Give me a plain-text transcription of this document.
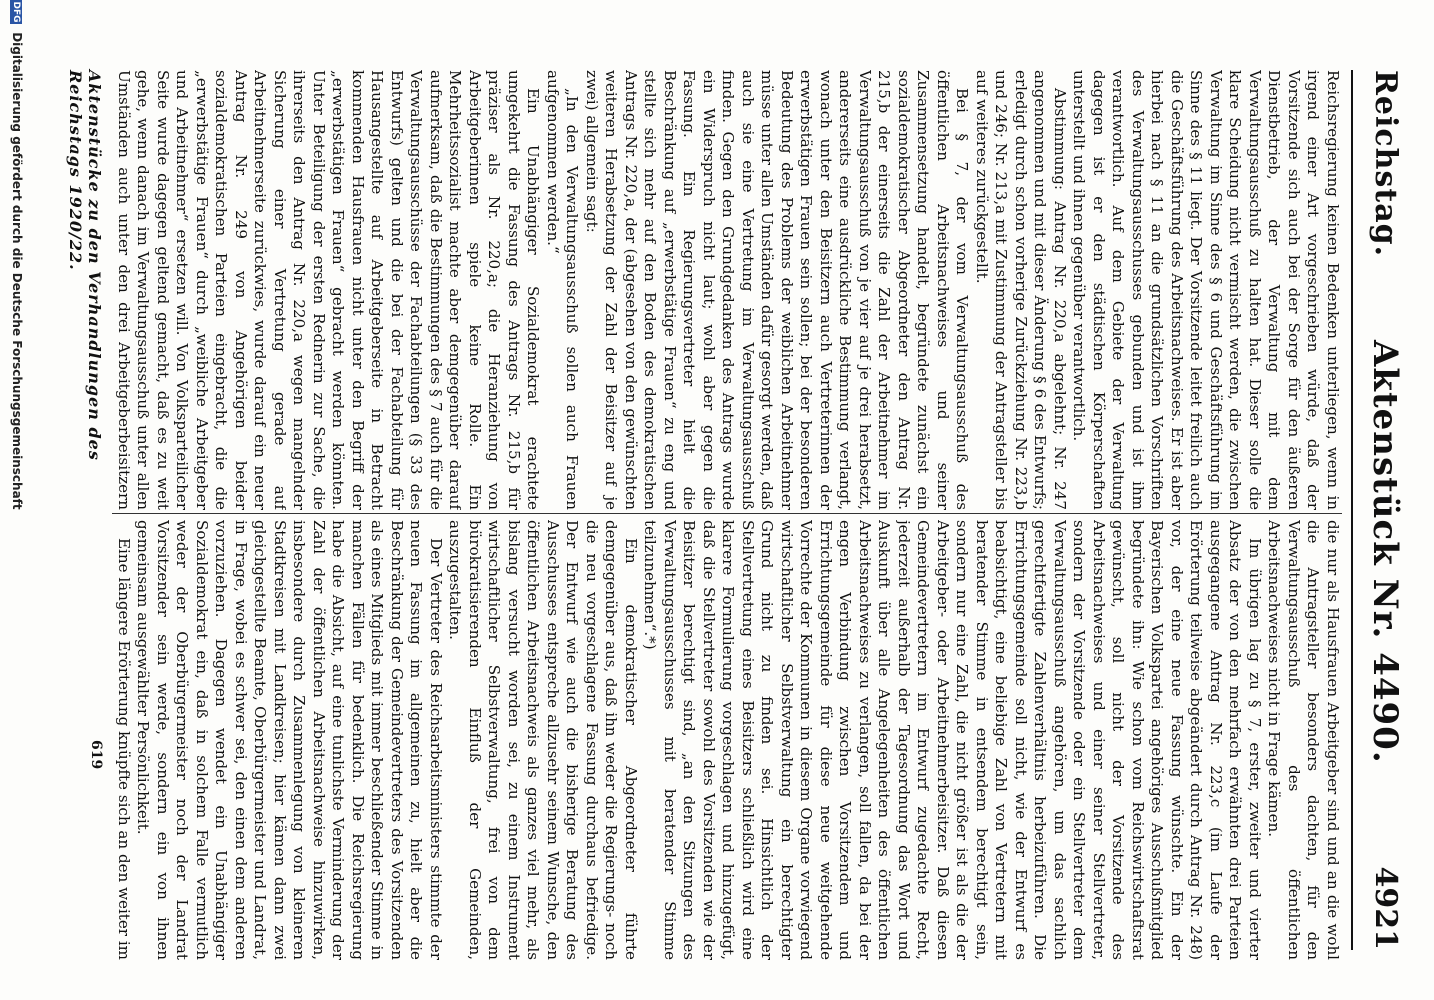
Reichstag.
Aktenstück Nr. 4490.
4921

Reichsregierung keinen Bedenken unterliegen, wenn in irgend einer Art vorgeschrieben würde, daß der Vorsitzende sich auch bei der Sorge für den äußeren Dienstbetrieb, der Verwaltung mit dem Verwaltungsausschuß zu halten hat. Dieser solle die klare Scheidung nicht vermischt werden, die zwischen Verwaltung im Sinne des § 6 und Geschäftsführung im Sinne des § 11 liegt. Der Vorsitzende leitet freilich auch die Geschäftsführung des Arbeitsnachweises. Er ist aber hierbei nach § 11 an die grundsätzlichen Vorschriften des Verwaltungsausschusses gebunden und ist ihm verantwortlich. Auf dem Gebiete der Verwaltung dagegen ist er den städtischen Körperschaften unterstellt und ihnen gegenüber verantwortlich.

Abstimmung: Antrag Nr. 220,a abgelehnt; Nr. 247 angenommen und mit dieser Änderung § 6 des Entwurfs; erledigt durch schon vorherige Zurückziehung Nr. 223,b und 246; Nr. 213,a mit Zustimmung der Antragsteller bis auf weiteres zurückgestellt.

Bei § 7, der vom Verwaltungsausschuß des öffentlichen Arbeitsnachweises und seiner Zusammensetzung handelt, begründete zunächst ein sozialdemokratischer Abgeordneter den Antrag Nr. 215,b der einerseits die Zahl der Arbeitnehmer im Verwaltungsausschuß von je vier auf je drei herabsetzt, andererseits eine ausdrückliche Bestimmung verlangt, wonach unter den Beisitzern auch Vertreterinnen der erwerbstätigen Frauen sein sollen; bei der besonderen Bedeutung des Problems der weiblichen Arbeitnehmer müsse unter allen Umständen dafür gesorgt werden, daß auch sie eine Vertretung im Verwaltungsausschuß finden. Gegen den Grundgedanken des Antrags wurde ein Widerspruch nicht laut; wohl aber gegen die Fassung. Ein Regierungsvertreter hielt die Beschränkung auf „erwerbstätige Frauen“ zu eng und stellte sich mehr auf den Boden des demokratischen Antrags Nr. 220,a, der (abgesehen von den gewünschten weiteren Herabsetzung der Zahl der Beisitzer auf je zwei) allgemein sagt:

„In den Verwaltungsausschuß sollen auch Frauen aufgenommen werden.“

Ein Unabhängiger Sozialdemokrat erachtete umgekehrt die Fassung des Antrags Nr. 215,b für präziser als Nr. 220,a; die Heranziehung von Arbeitgeberinnen spiele keine Rolle. Ein Mehrheitssozialist machte aber demgegenüber darauf aufmerksam, daß die Bestimmungen des § 7 auch für die Verwaltungsausschüsse der Fachabteilungen (§ 33 des Entwurfs) gelten und die bei der Fachabteilung für Hausangestellte auf Arbeitgeberseite in Betracht kommenden Hausfrauen nicht unter den Begriff der „erwerbstätigen Frauen“ gebracht werden könnten. Unter Beteiligung der ersten Rednerin zur Sache, die ihrerseits den Antrag Nr. 220,a wegen mangelnder Sicherung einer Vertretung gerade auf Arbeitnehmerseite zurückwies, wurde darauf ein neuer Antrag Nr. 249 von Angehörigen beider sozialdemokratischen Parteien eingebracht, die die „erwerbstätige Frauen“ durch „weibliche Arbeitgeber und Arbeitnehmer“ ersetzen will. Von Volksparteilicher Seite wurde dagegen geltend gemacht, daß es zu weit gehe, wenn danach im Verwaltungsausschuß unter allen Umständen auch unter den drei Arbeitgeberbeisitzern

die nur als Hausfrauen Arbeitgeber sind und an die wohl die Antragsteller besonders dachten, für den Verwaltungsausschuß des öffentlichen Arbeitsnachweises nicht in Frage kämen.

Im übrigen lag zu § 7, erster, zweiter und vierter Absatz der von den mehrfach erwähnten drei Parteien ausgegangene Antrag Nr. 223,c (im Laufe der Erörterung teilweise abgeändert durch Antrag Nr. 248) vor, der eine neue Fassung wünschte. Ein der Bayerischen Volkspartei angehöriges Ausschußmitglied begründete ihn: Wie schon vom Reichswirtschaftsrat gewünscht, soll nicht der Vorsitzende des Arbeitsnachweises und einer seiner Stellvertreter, sondern der Vorsitzende oder ein Stellvertreter dem Verwaltungsausschuß angehören, um das sachlich gerechtfertigte Zahlenverhältnis herbeizuführen. Die Errichtungsgemeinde soll nicht, wie der Entwurf es beabsichtigt, eine beliebige Zahl von Vertretern mit beratender Stimme in entsendem berechtigt sein, sondern nur eine Zahl, die nicht größer ist als die der Arbeitgeber- oder Arbeitnehmerbeisitzer. Daß diesen Gemeindevertretern im Entwurf zugedachte Recht, jederzeit außerhalb der Tagesordnung das Wort und Auskunft über alle Angelegenheiten des öffentlichen Arbeitsnachweises zu verlangen, soll fallen, da bei der engen Verbindung zwischen Vorsitzendem und Errichtungsgemeinde für diese neue weitgehende Vorrechte der Kommunen in diesem Organe vorwiegend wirtschaftlicher Selbstverwaltung ein berechtigter Grund nicht zu finden sei. Hinsichtlich der Stellvertretung eines Beisitzers schließlich wird eine klarere Formulierung vorgeschlagen und hinzugefügt, daß die Stellvertreter sowohl des Vorsitzenden wie der Beisitzer berechtigt sind, „an den Sitzungen des Verwaltungsausschusses mit beratender Stimme teilzunehmen“.*)

Ein demokratischer Abgeordneter führte demgegenüber aus, daß ihn weder die Regierungs- noch die neu vorgeschlagene Fassung durchaus befriedige. Der Entwurf wie auch die bisherige Beratung des Ausschusses entspreche allzusehr seinem Wunsche, den öffentlichen Arbeitsnachweis als ganzes viel mehr, als bislang versucht worden sei, zu einem Instrument wirtschaftlicher Selbstverwaltung, frei von dem bürokratisierenden Einfluß der Gemeinden, auszugestalten.

Der Vertreter des Reichsarbeitsministers stimmte der neuen Fassung im allgemeinen zu, hielt aber die Beschränkung der Gemeindevertreters des Vorsitzenden als eines Mitglieds mit immer beschließender Stimme in manchen Fällen für bedenklich. Die Reichsregierung habe die Absicht, auf eine tunlichste Verminderung der Zahl der öffentlichen Arbeitsnachweise hinzuwirken, insbesondere durch Zusammenlegung von kleineren Stadtkreisen mit Landkreisen; hier kämen dann zwei gleichgestellte Beamte, Oberbürgermeister und Landrat, in Frage, wobei es schwer sei, den einen dem anderen vorzuziehen. Dagegen wendet ein Unabhängiger Sozialdemokrat ein, daß in solchem Falle vermutlich weder der Oberbürgermeister noch der Landrat Vorsitzender sein werde, sondern ein von ihnen gemeinsam ausgewählter Persönlichkeit.

Eine längere Erörterung knüpfte sich an den weiter im

Aktenstücke zu den Verhandlungen des Reichstags 1920/22.
619
DFG Digitalisierung gefördert durch die Deutsche Forschungsgemeinschaft
